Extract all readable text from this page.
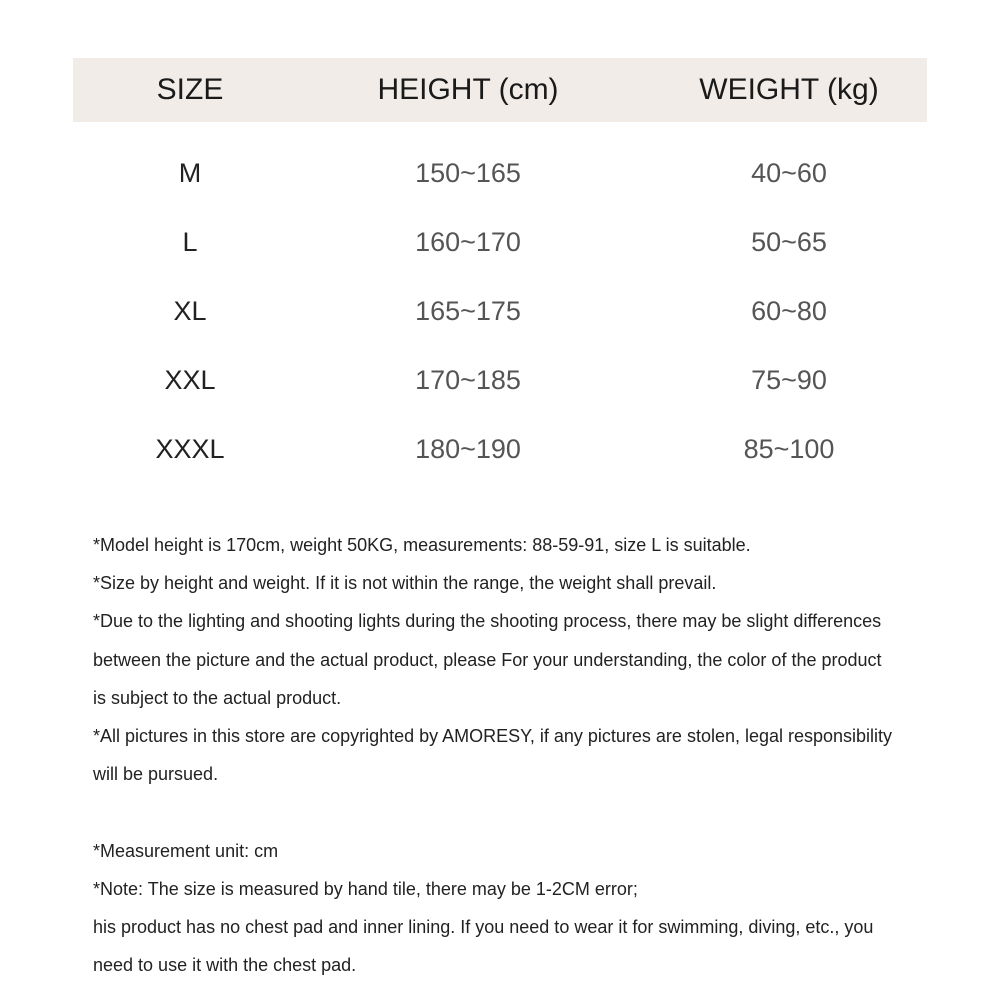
SIZE	HEIGHT (cm)	WEIGHT (kg)
M	150~165	40~60
L	160~170	50~65
XL	165~175	60~80
XXL	170~185	75~90
XXXL	180~190	85~100
*Model height is 170cm, weight 50KG, measurements: 88-59-91, size L is suitable.
*Size by height and weight. If it is not within the range, the weight shall prevail.
*Due to the lighting and shooting lights during the shooting process, there may be slight differences
between the picture and the actual product, please For your understanding, the color of the product
is subject to the actual product.
*All pictures in this store are copyrighted by AMORESY, if any pictures are stolen, legal responsibility
will be pursued.
*Measurement unit: cm
*Note: The size is measured by hand tile, there may be 1-2CM error;
his product has no chest pad and inner lining. If you need to wear it for swimming, diving, etc., you
need to use it with the chest pad.
